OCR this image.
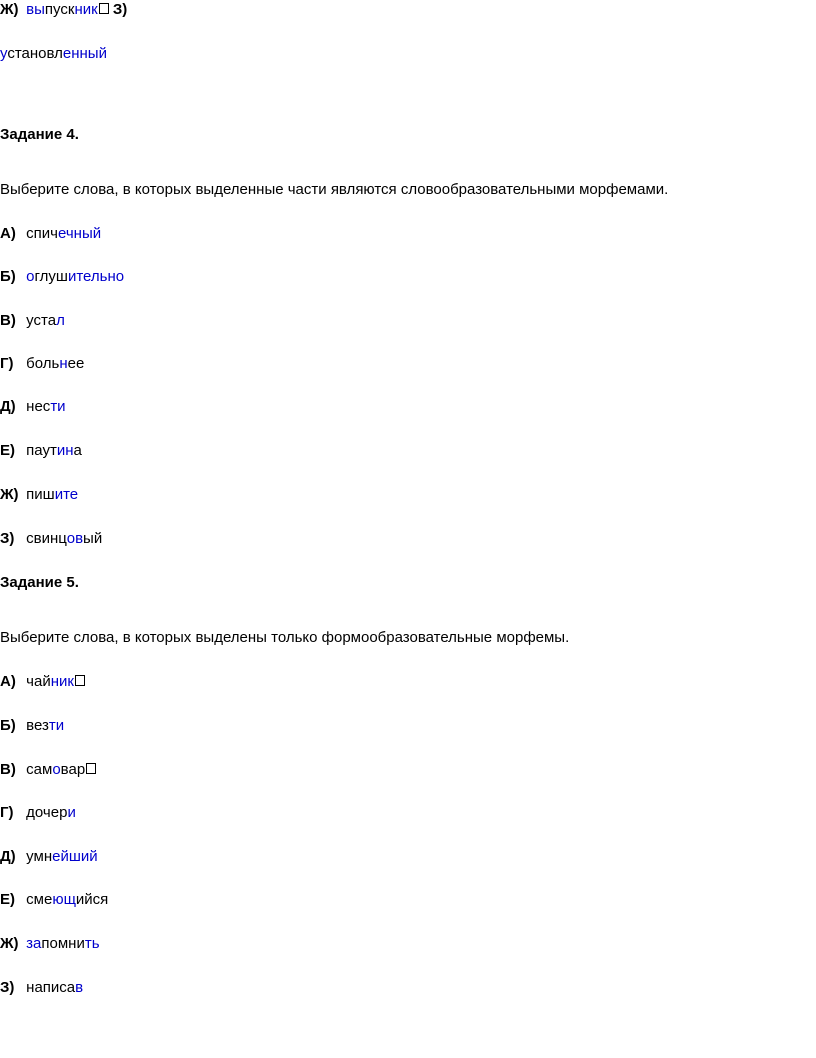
Ж) выпускник З)
установленный
Задание 4.
Выберите слова, в которых выделенные части являются словообразовательными морфемами.
А) спичечный
Б) оглушительно
В) устал
Г) больнее
Д) нести
Е) паутина
Ж) пишите
З) свинцовый
Задание 5.
Выберите слова, в которых выделены только формообразовательные морфемы.
А) чайник
Б) везти
В) самовар
Г) дочери
Д) умнейший
Е) смеющийся
Ж) запомнить
З) написав
